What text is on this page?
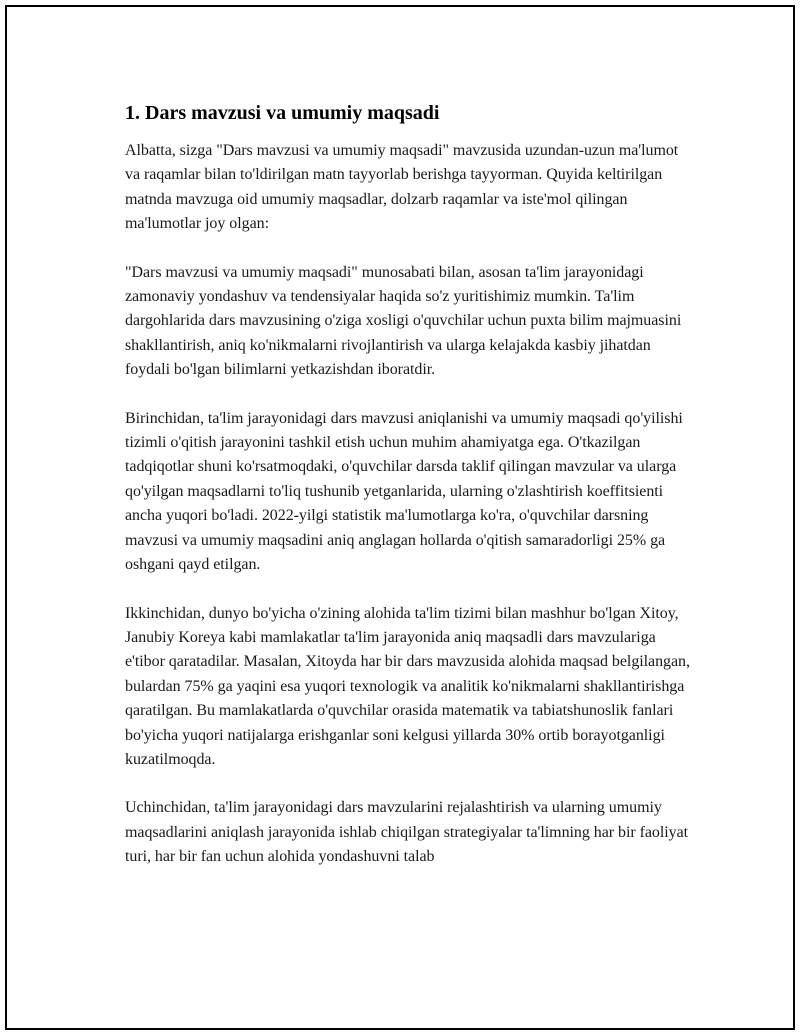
1. Dars mavzusi va umumiy maqsadi

Albatta, sizga "Dars mavzusi va umumiy maqsadi" mavzusida uzundan-uzun ma'lumot va raqamlar bilan to'ldirilgan matn tayyorlab berishga tayyorman. Quyida keltirilgan matnda mavzuga oid umumiy maqsadlar, dolzarb raqamlar va iste'mol qilingan ma'lumotlar joy olgan:

"Dars mavzusi va umumiy maqsadi" munosabati bilan, asosan ta'lim jarayonidagi zamonaviy yondashuv va tendensiyalar haqida so'z yuritishimiz mumkin. Ta'lim dargohlarida dars mavzusining o'ziga xosligi o'quvchilar uchun puxta bilim majmuasini shakllantirish, aniq ko'nikmalarni rivojlantirish va ularga kelajakda kasbiy jihatdan foydali bo'lgan bilimlarni yetkazishdan iboratdir.

Birinchidan, ta'lim jarayonidagi dars mavzusi aniqlanishi va umumiy maqsadi qo'yilishi tizimli o'qitish jarayonini tashkil etish uchun muhim ahamiyatga ega. O'tkazilgan tadqiqotlar shuni ko'rsatmoqdaki, o'quvchilar darsda taklif qilingan mavzular va ularga qo'yilgan maqsadlarni to'liq tushunib yetganlarida, ularning o'zlashtirish koeffitsienti ancha yuqori bo'ladi. 2022-yilgi statistik ma'lumotlarga ko'ra, o'quvchilar darsning mavzusi va umumiy maqsadini aniq anglagan hollarda o'qitish samaradorligi 25% ga oshgani qayd etilgan.

Ikkinchidan, dunyo bo'yicha o'zining alohida ta'lim tizimi bilan mashhur bo'lgan Xitoy, Janubiy Koreya kabi mamlakatlar ta'lim jarayonida aniq maqsadli dars mavzulariga e'tibor qaratadilar. Masalan, Xitoyda har bir dars mavzusida alohida maqsad belgilangan, bulardan 75% ga yaqini esa yuqori texnologik va analitik ko'nikmalarni shakllantirishga qaratilgan. Bu mamlakatlarda o'quvchilar orasida matematik va tabiatshunoslik fanlari bo'yicha yuqori natijalarga erishganlar soni kelgusi yillarda 30% ortib borayotganligi kuzatilmoqda.

Uchinchidan, ta'lim jarayonidagi dars mavzularini rejalashtirish va ularning umumiy maqsadlarini aniqlash jarayonida ishlab chiqilgan strategiyalar ta'limning har bir faoliyat turi, har bir fan uchun alohida yondashuvni talab
